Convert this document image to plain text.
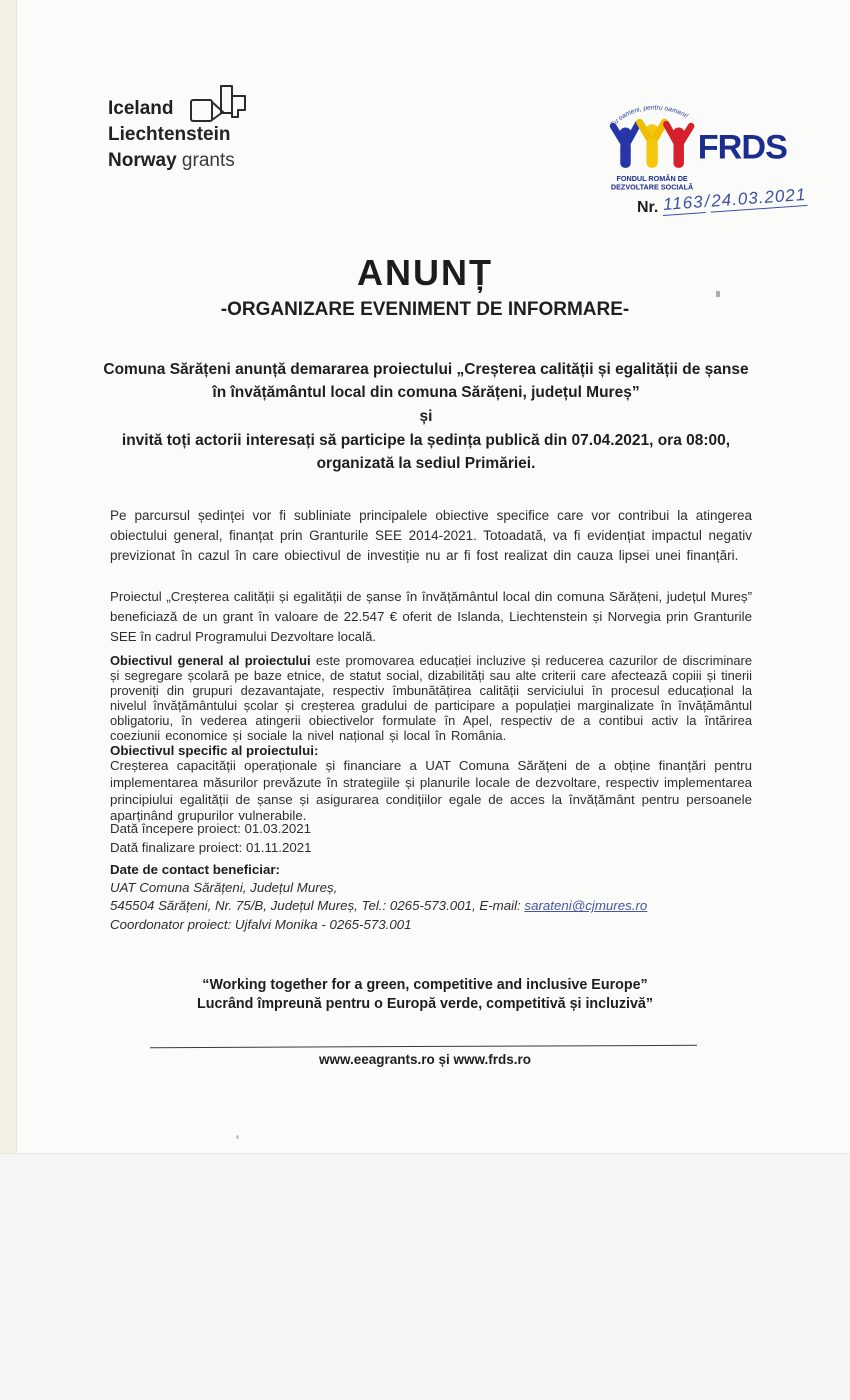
Iceland
Liechtenstein
Norway grants
Cu oameni, pentru oameni!
FRDS
FONDUL ROMÂN DE
DEZVOLTARE SOCIALĂ
Nr. 1163/24.03.2021
ANUNȚ
-ORGANIZARE EVENIMENT DE INFORMARE-
Comuna Sărățeni anunță demararea proiectului „Creșterea calității și egalității de șanse în învățământul local din comuna Sărățeni, județul Mureș”
și
invită toți actorii interesați să participe la ședința publică din 07.04.2021, ora 08:00, organizată la sediul Primăriei.

Pe parcursul ședinței vor fi subliniate principalele obiective specifice care vor contribui la atingerea obiectului general, finanțat prin Granturile SEE 2014-2021. Totoadată, va fi evidențiat impactul negativ previzionat în cazul în care obiectivul de investiție nu ar fi fost realizat din cauza lipsei unei finanțări.

Proiectul „Creșterea calității și egalității de șanse în învățământul local din comuna Sărățeni, județul Mureș” beneficiază de un grant în valoare de 22.547 € oferit de Islanda, Liechtenstein și Norvegia prin Granturile SEE în cadrul Programului Dezvoltare locală.

Obiectivul general al proiectului este promovarea educației incluzive și reducerea cazurilor de discriminare și segregare școlară pe baze etnice, de statut social, dizabilități sau alte criterii care afectează copiii și tinerii proveniți din grupuri dezavantajate, respectiv îmbunătățirea calității serviciului în procesul educațional la nivelul învățământului școlar și creșterea gradului de participare a populației marginalizate în învățământul obligatoriu, în vederea atingerii obiectivelor formulate în Apel, respectiv de a contibui activ la întărirea coeziunii economice și sociale la nivel național și local în România.

Obiectivul specific al proiectului:

Creșterea capacității operaționale și financiare a UAT Comuna Sărățeni de a obține finanțări pentru implementarea măsurilor prevăzute în strategiile și planurile locale de dezvoltare, respectiv implementarea principiului egalității de șanse și asigurarea condițiilor egale de acces la învățământ pentru persoanele aparținând grupurilor vulnerabile.

Dată începere proiect: 01.03.2021
Dată finalizare proiect: 01.11.2021
Date de contact beneficiar:
UAT Comuna Sărățeni, Județul Mureș,
545504 Sărățeni, Nr. 75/B, Județul Mureș, Tel.: 0265-573.001, E-mail: sarateni@cjmures.ro
Coordonator proiect: Ujfalvi Monika - 0265-573.001
“Working together for a green, competitive and inclusive Europe”
Lucrând împreună pentru o Europă verde, competitivă și incluzivă”
www.eeagrants.ro și www.frds.ro
